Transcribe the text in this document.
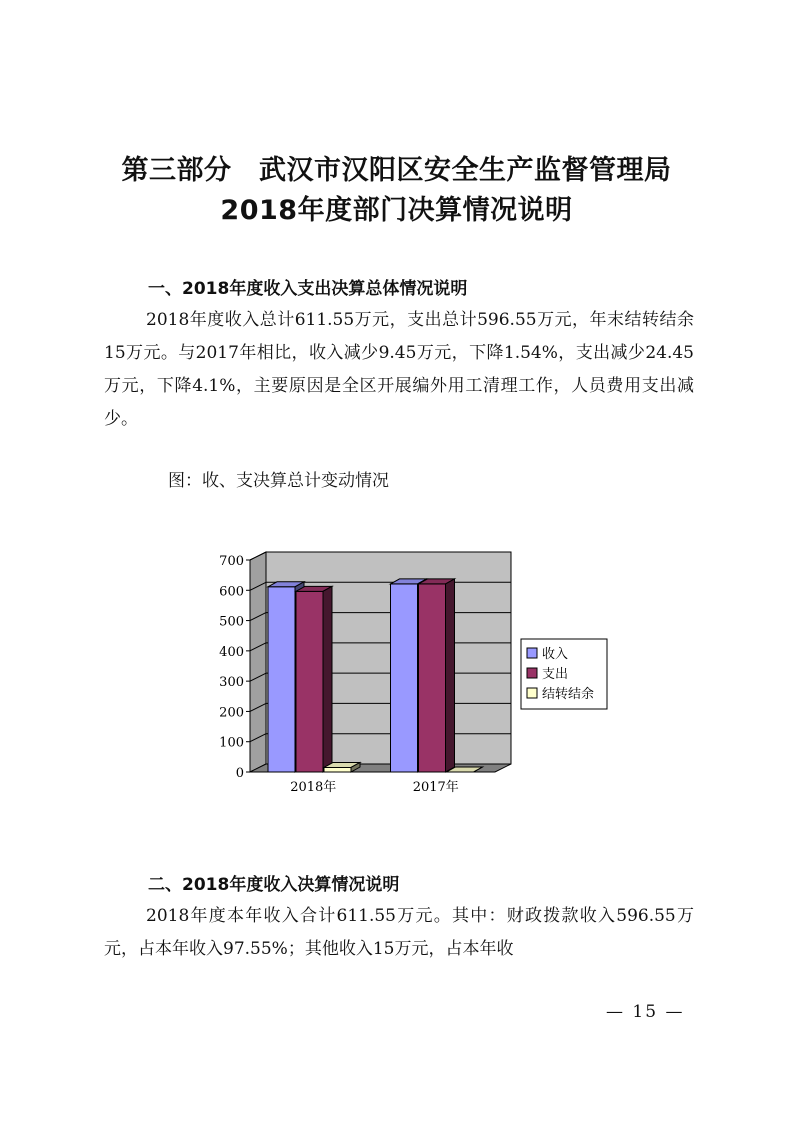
第三部分　武汉市汉阳区安全生产监督管理局
2018年度部门决算情况说明
一、2018年度收入支出决算总体情况说明

2018年度收入总计611.55万元，支出总计596.55万元，年末结转结余15万元。与2017年相比，收入减少9.45万元，下降1.54%，支出减少24.45万元，下降4.1%，主要原因是全区开展编外用工清理工作，人员费用支出减少。

图：收、支决算总计变动情况
0
100
200
300
400
500
600
700
2018年	2017年
收入
支出
结转结余
二、2018年度收入决算情况说明

2018年度本年收入合计611.55万元。其中：财政拨款收入596.55万元，占本年收入97.55%；其他收入15万元，占本年收

— 15 —
